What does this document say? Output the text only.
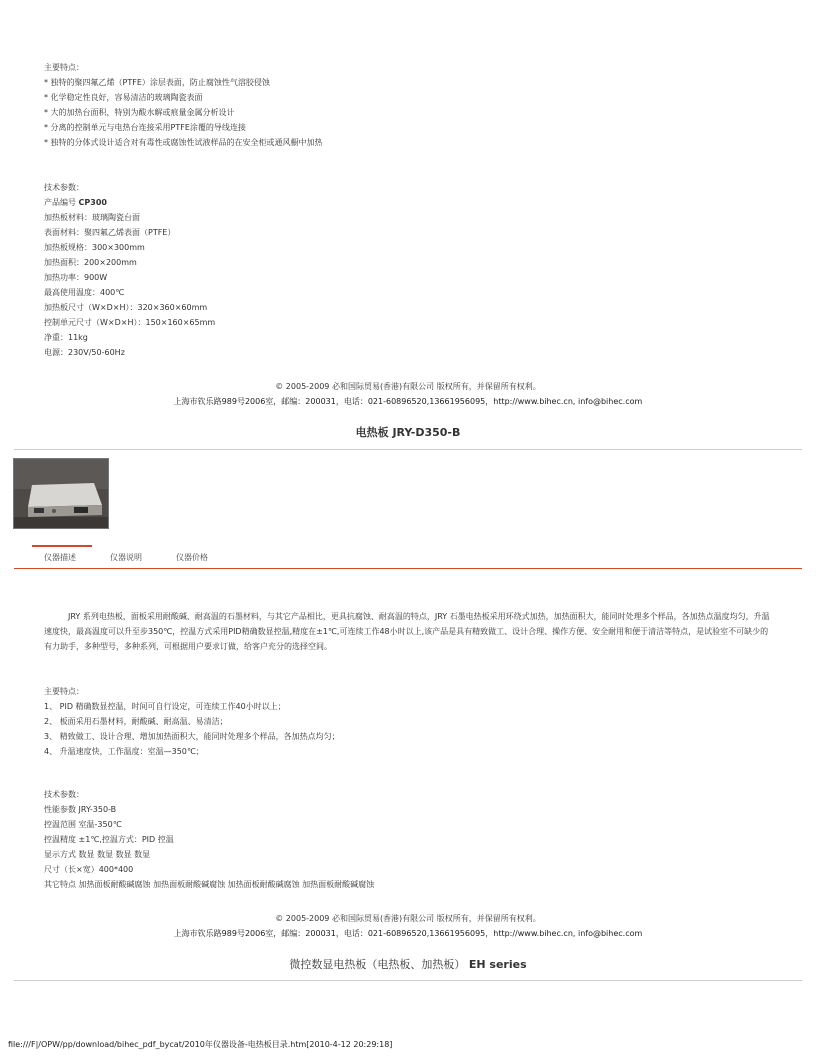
主要特点：
* 独特的聚四氟乙烯（PTFE）涂层表面，防止腐蚀性气溶胶侵蚀
* 化学稳定性良好，容易清洁的玻璃陶瓷表面
* 大的加热台面积，特别为酸水解或痕量金属分析设计
* 分离的控制单元与电热台连接采用PTFE涂覆的导线连接
* 独特的分体式设计适合对有毒性或腐蚀性试液样品的在安全柜或通风橱中加热
技术参数：
产品编号 CP300
加热板材料：玻璃陶瓷台面
表面材料：聚四氟乙烯表面（PTFE）
加热板规格：300×300mm
加热面积：200×200mm
加热功率：900W
最高使用温度：400℃
加热板尺寸（W×D×H）：320×360×60mm
控制单元尺寸（W×D×H）：150×160×65mm
净重：11kg
电源：230V/50-60Hz
© 2005-2009 必和国际贸易(香港)有限公司 版权所有，并保留所有权利。
上海市钦乐路989号2006室，邮编：200031，电话：021-60896520,13661956095，http://www.bihec.cn, info@bihec.com
电热板 JRY-D350-B
仪器描述	仪器说明	仪器价格
JRY 系列电热板，面板采用耐酸碱、耐高温的石墨材料，与其它产品相比，更具抗腐蚀、耐高温的特点，JRY 石墨电热板采用环绕式加热，加热面积大，能同时处理多个样品，各加热点温度均匀，升温速度快，最高温度可以升至步350℃，控温方式采用PID精确数显控温,精度在±1℃,可连续工作48小时以上,该产品是具有精致做工、设计合理、操作方便、安全耐用和便于清洁等特点，是试验室不可缺少的有力助手，多种型号，多种系列，可根据用户要求订做，给客户充分的选择空间。
主要特点：
1、 PID 精确数显控温，时间可自行设定，可连续工作40小时以上；
2、 板面采用石墨材料，耐酸碱、耐高温、易清洁；
3、 精致做工、设计合理、增加加热面积大，能同时处理多个样品，各加热点均匀；
4、 升温速度快，工作温度：室温—350℃；
技术参数：
性能参数 JRY-350-B
控温范围 室温-350℃
控温精度 ±1℃,控温方式：PID 控温
显示方式 数显 数显 数显 数显
尺寸（长×宽）400*400
其它特点 加热面板耐酸碱腐蚀 加热面板耐酸碱腐蚀 加热面板耐酸碱腐蚀 加热面板耐酸碱腐蚀
© 2005-2009 必和国际贸易(香港)有限公司 版权所有，并保留所有权利。
上海市钦乐路989号2006室，邮编：200031，电话：021-60896520,13661956095，http://www.bihec.cn, info@bihec.com
微控数显电热板（电热板、加热板） EH series
file:///F|/OPW/pp/download/bihec_pdf_bycat/2010年仪器设备-电热板目录.htm[2010-4-12 20:29:18]
